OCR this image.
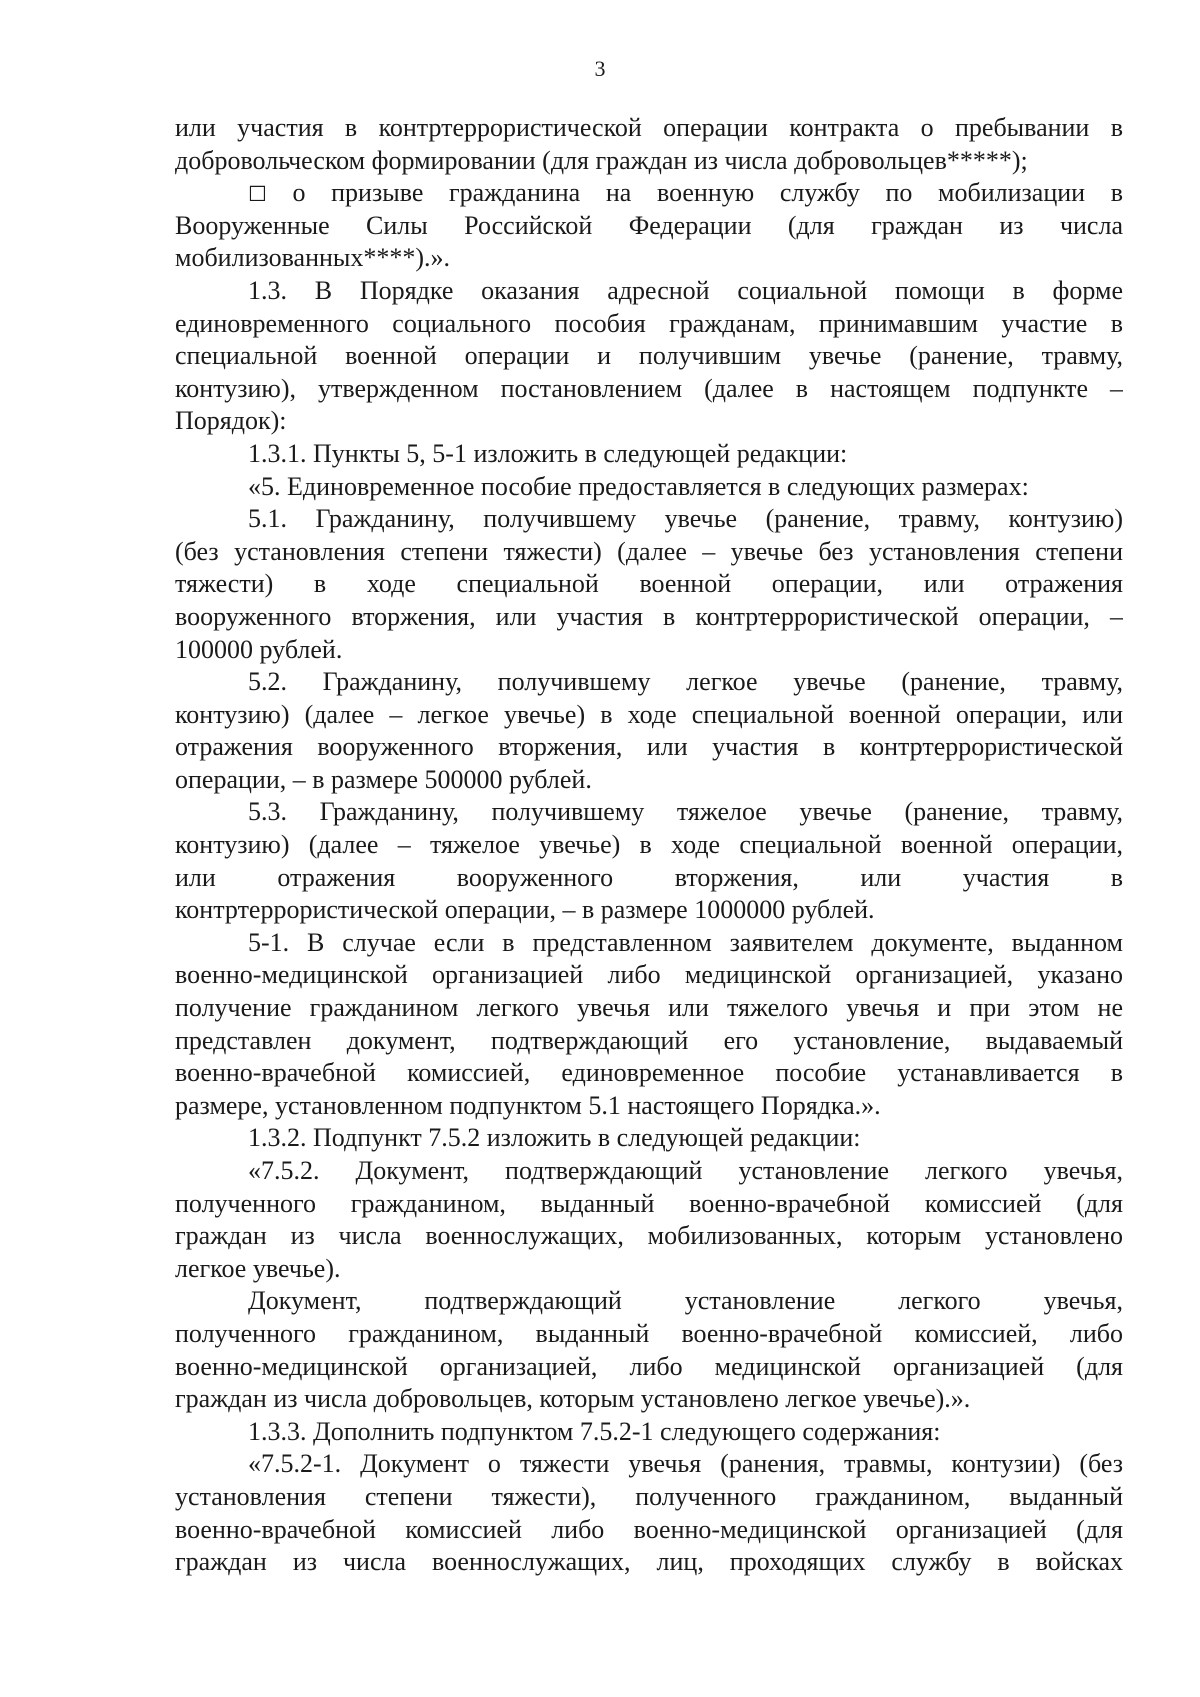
3
или участия в контртеррористической операции контракта о пребывании в
добровольческом формировании (для граждан из числа добровольцев*****);
☐ о призыве гражданина на военную службу по мобилизации в
Вооруженные Силы Российской Федерации (для граждан из числа
мобилизованных****).».
1.3. В Порядке оказания адресной социальной помощи в форме
единовременного социального пособия гражданам, принимавшим участие в
специальной военной операции и получившим увечье (ранение, травму,
контузию), утвержденном постановлением (далее в настоящем подпункте –
Порядок):
1.3.1. Пункты 5, 5-1 изложить в следующей редакции:
«5. Единовременное пособие предоставляется в следующих размерах:
5.1. Гражданину, получившему увечье (ранение, травму, контузию)
(без установления степени тяжести) (далее – увечье без установления степени
тяжести) в ходе специальной военной операции, или отражения
вооруженного вторжения, или участия в контртеррористической операции, –
100000 рублей.
5.2. Гражданину, получившему легкое увечье (ранение, травму,
контузию) (далее – легкое увечье) в ходе специальной военной операции, или
отражения вооруженного вторжения, или участия в контртеррористической
операции, – в размере 500000 рублей.
5.3. Гражданину, получившему тяжелое увечье (ранение, травму,
контузию) (далее – тяжелое увечье) в ходе специальной военной операции,
или отражения вооруженного вторжения, или участия в
контртеррористической операции, – в размере 1000000 рублей.
5-1. В случае если в представленном заявителем документе, выданном
военно-медицинской организацией либо медицинской организацией, указано
получение гражданином легкого увечья или тяжелого увечья и при этом не
представлен документ, подтверждающий его установление, выдаваемый
военно-врачебной комиссией, единовременное пособие устанавливается в
размере, установленном подпунктом 5.1 настоящего Порядка.».
1.3.2. Подпункт 7.5.2 изложить в следующей редакции:
«7.5.2. Документ, подтверждающий установление легкого увечья,
полученного гражданином, выданный военно-врачебной комиссией (для
граждан из числа военнослужащих, мобилизованных, которым установлено
легкое увечье).
Документ, подтверждающий установление легкого увечья,
полученного гражданином, выданный военно-врачебной комиссией, либо
военно-медицинской организацией, либо медицинской организацией (для
граждан из числа добровольцев, которым установлено легкое увечье).».
1.3.3. Дополнить подпунктом 7.5.2-1 следующего содержания:
«7.5.2-1. Документ о тяжести увечья (ранения, травмы, контузии) (без
установления степени тяжести), полученного гражданином, выданный
военно-врачебной комиссией либо военно-медицинской организацией (для
граждан из числа военнослужащих, лиц, проходящих службу в войсках
